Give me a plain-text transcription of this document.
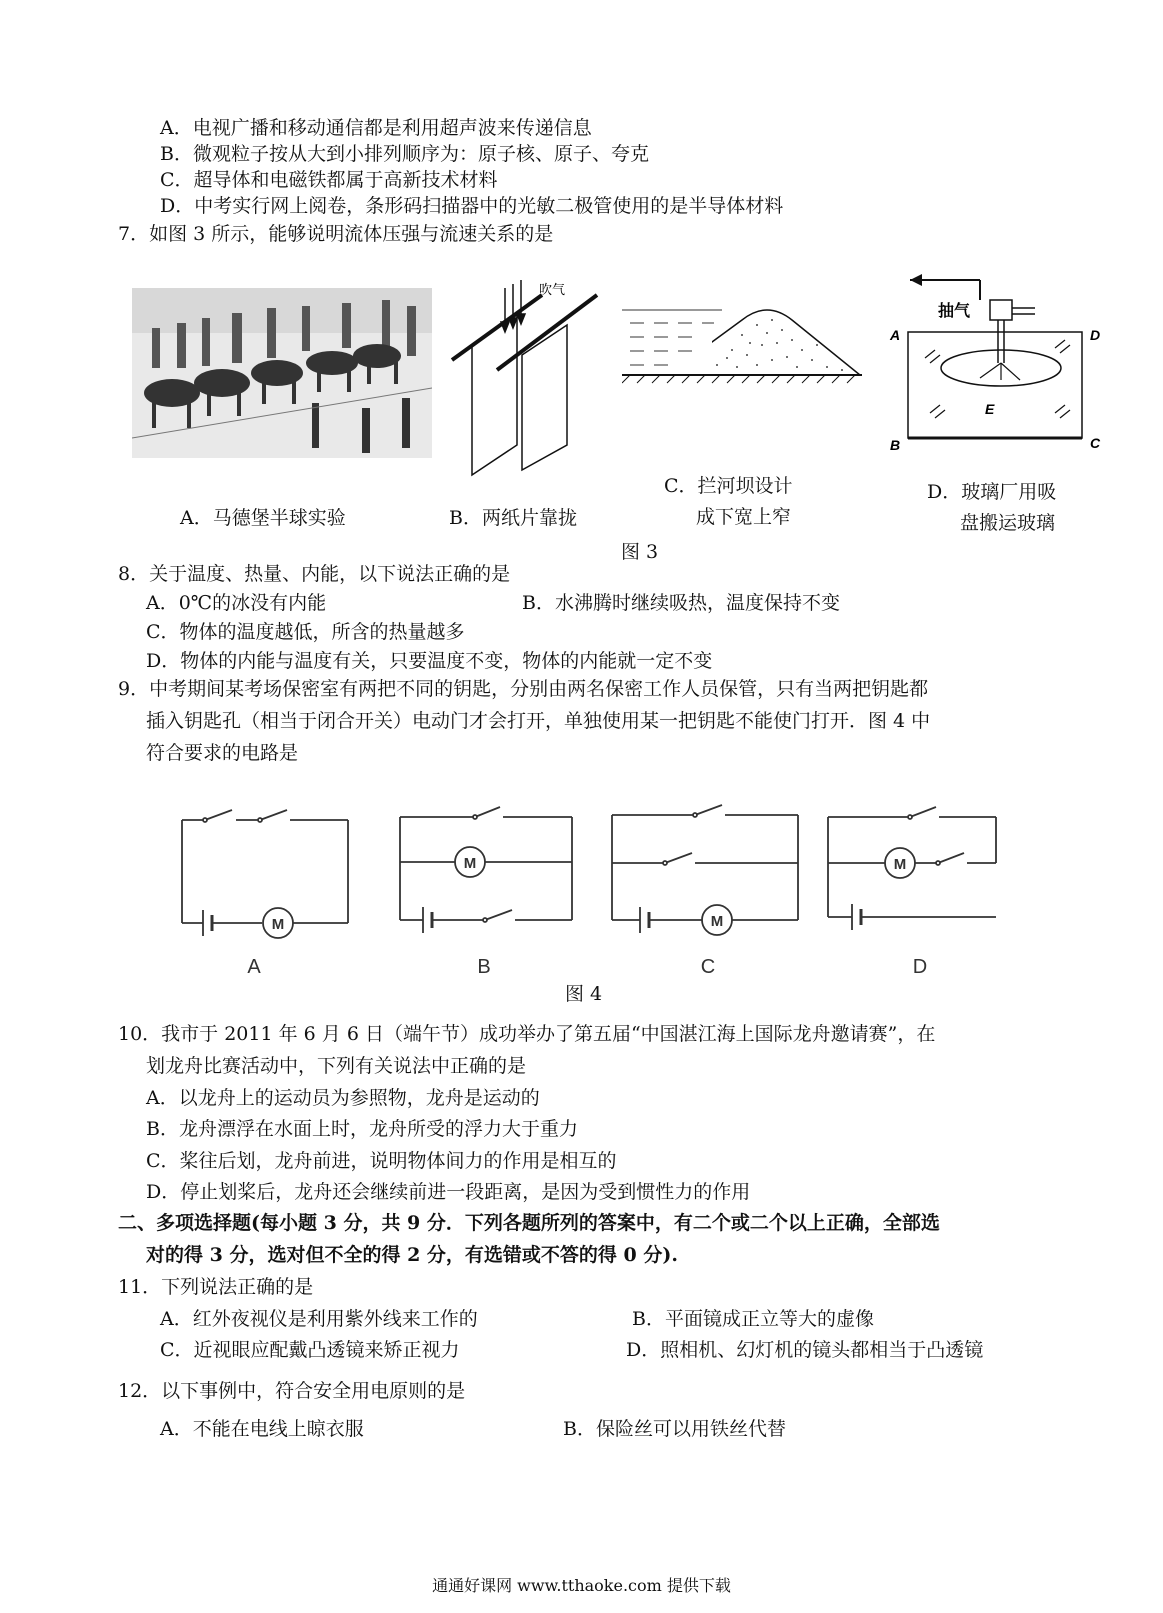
A．电视广播和移动通信都是利用超声波来传递信息
B．微观粒子按从大到小排列顺序为：原子核、原子、夸克
C．超导体和电磁铁都属于高新技术材料
D．中考实行网上阅卷，条形码扫描器中的光敏二极管使用的是半导体材料
7．如图 3 所示，能够说明流体压强与流速关系的是
吹气
抽气
A	D
B	C
E
A．马德堡半球实验	B．两纸片靠拢
C．拦河坝设计
成下宽上窄
D．玻璃厂用吸
盘搬运玻璃
图 3
8．关于温度、热量、内能，以下说法正确的是
A．0℃的冰没有内能	B．水沸腾时继续吸热，温度保持不变
C．物体的温度越低，所含的热量越多
D．物体的内能与温度有关，只要温度不变，物体的内能就一定不变
9．中考期间某考场保密室有两把不同的钥匙，分别由两名保密工作人员保管，只有当两把钥匙都
插入钥匙孔（相当于闭合开关）电动门才会打开，单独使用某一把钥匙不能使门打开．图 4 中
符合要求的电路是
M
M
M
M
A	B	C	D
图 4
10．我市于 2011 年 6 月 6 日（端午节）成功举办了第五届“中国湛江海上国际龙舟邀请赛”，在
划龙舟比赛活动中，下列有关说法中正确的是
A．以龙舟上的运动员为参照物，龙舟是运动的
B．龙舟漂浮在水面上时，龙舟所受的浮力大于重力
C．桨往后划，龙舟前进，说明物体间力的作用是相互的
D．停止划桨后，龙舟还会继续前进一段距离，是因为受到惯性力的作用
二、多项选择题(每小题 3 分，共 9 分．下列各题所列的答案中，有二个或二个以上正确，全部选
对的得 3 分，选对但不全的得 2 分，有选错或不答的得 0 分).
11．下列说法正确的是
A．红外夜视仪是利用紫外线来工作的	B．平面镜成正立等大的虚像
C．近视眼应配戴凸透镜来矫正视力	D．照相机、幻灯机的镜头都相当于凸透镜
12．以下事例中，符合安全用电原则的是
A．不能在电线上晾衣服	B．保险丝可以用铁丝代替
通通好课网 www.tthaoke.com 提供下载
